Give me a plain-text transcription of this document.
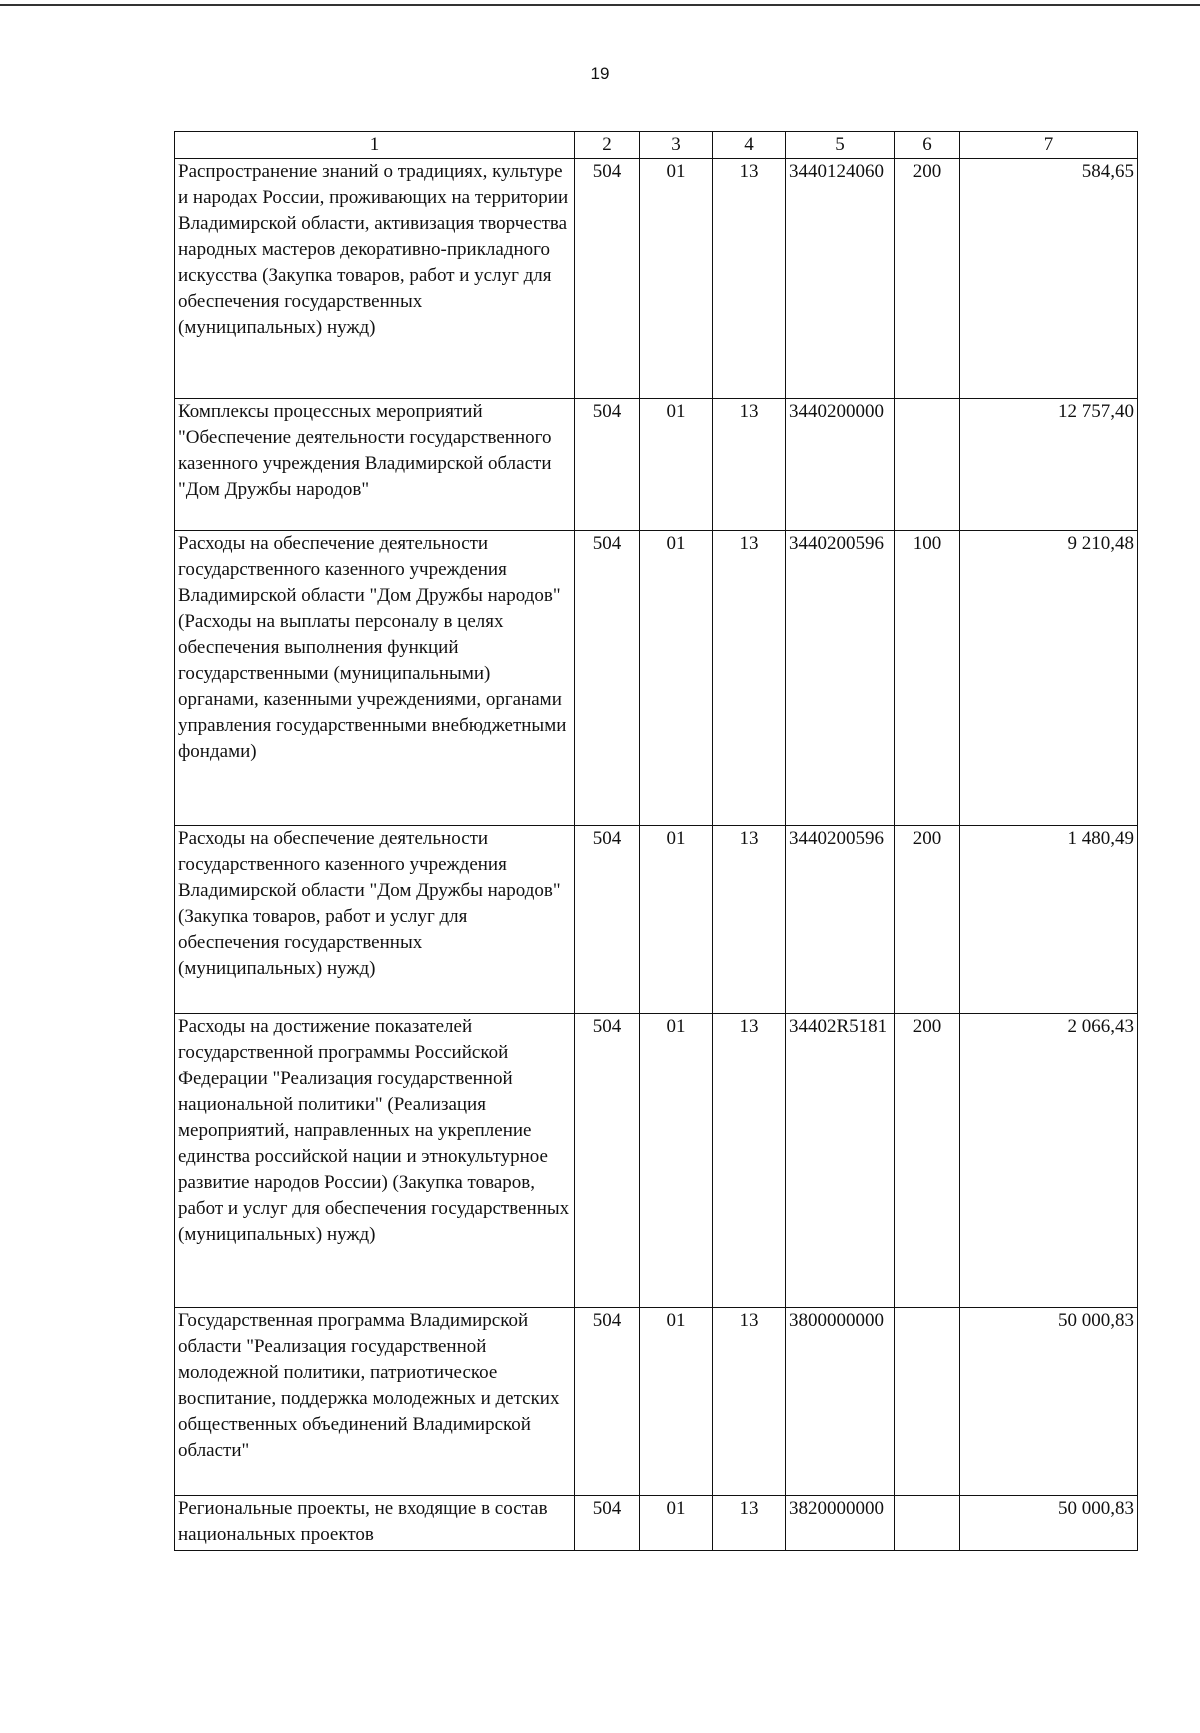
19
1	2	3	4	5	6	7
Распространение знаний о традициях, культуре и народах России, проживающих на территории Владимирской области, активизация творчества народных мастеров декоративно-прикладного искусства (Закупка товаров, работ и услуг для обеспечения государственных (муниципальных) нужд)	504	01	13	3440124060	200	584,65
Комплексы процессных мероприятий "Обеспечение деятельности государственного казенного учреждения Владимирской области "Дом Дружбы народов"	504	01	13	3440200000		12 757,40
Расходы на обеспечение деятельности государственного казенного учреждения Владимирской области "Дом Дружбы народов" (Расходы на выплаты персоналу в целях обеспечения выполнения функций государственными (муниципальными) органами, казенными учреждениями, органами управления государственными внебюджетными фондами)	504	01	13	3440200596	100	9 210,48
Расходы на обеспечение деятельности государственного казенного учреждения Владимирской области "Дом Дружбы народов" (Закупка товаров, работ и услуг для обеспечения государственных (муниципальных) нужд)	504	01	13	3440200596	200	1 480,49
Расходы на достижение показателей государственной программы Российской Федерации "Реализация государственной национальной политики" (Реализация мероприятий, направленных на укрепление единства российской нации и этнокультурное развитие народов России) (Закупка товаров, работ и услуг для обеспечения государственных (муниципальных) нужд)	504	01	13	34402R5181	200	2 066,43
Государственная программа Владимирской области "Реализация государственной молодежной политики, патриотическое воспитание, поддержка молодежных и детских общественных объединений Владимирской области"	504	01	13	3800000000		50 000,83
Региональные проекты, не входящие в состав национальных проектов	504	01	13	3820000000		50 000,83
